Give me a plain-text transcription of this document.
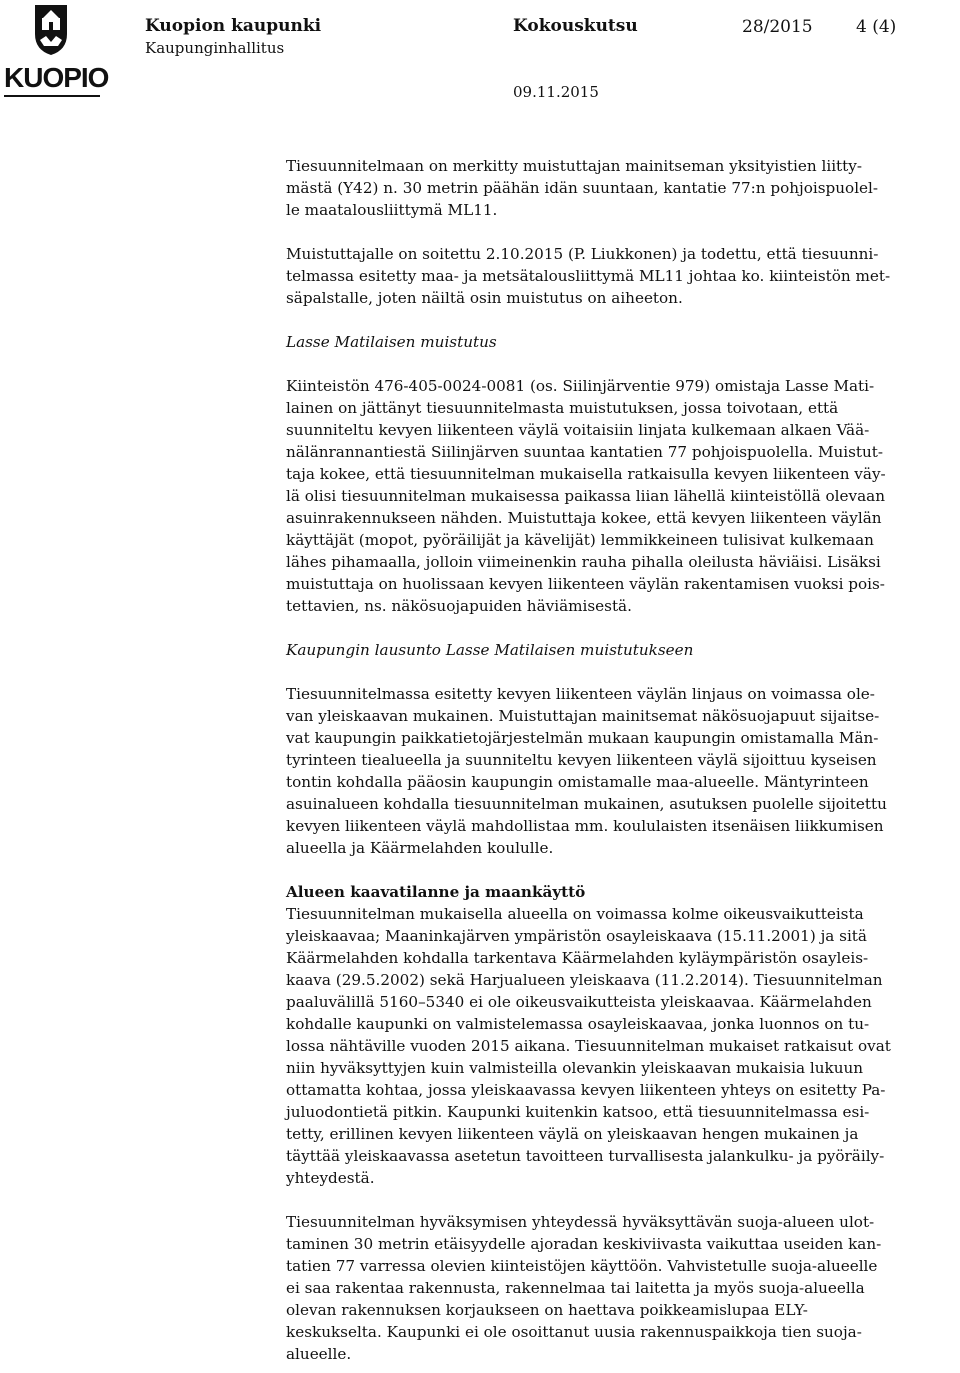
KUOPIO
Kuopion kaupunki
Kaupunginhallitus
Kokouskutsu	28/2015	4 (4)
09.11.2015

Tiesuunnitelmaan on merkitty muistuttajan mainitseman yksityistien liitty-
mästä (Y42) n. 30 metrin päähän idän suuntaan, kantatie 77:n pohjoispuolel-
le maatalousliittymä ML11.

Muistuttajalle on soitettu 2.10.2015 (P. Liukkonen) ja todettu, että tiesuunni-
telmassa esitetty maa- ja metsätalousliittymä ML11 johtaa ko. kiinteistön met-
säpalstalle, joten näiltä osin muistutus on aiheeton.

Lasse Matilaisen muistutus

Kiinteistön 476-405-0024-0081 (os. Siilinjärventie 979) omistaja Lasse Mati-
lainen on jättänyt tiesuunnitelmasta muistutuksen, jossa toivotaan, että
suunniteltu kevyen liikenteen väylä voitaisiin linjata kulkemaan alkaen Vää-
nälänrannantiestä Siilinjärven suuntaa kantatien 77 pohjoispuolella. Muistut-
taja kokee, että tiesuunnitelman mukaisella ratkaisulla kevyen liikenteen väy-
lä olisi tiesuunnitelman mukaisessa paikassa liian lähellä kiinteistöllä olevaan
asuinrakennukseen nähden. Muistuttaja kokee, että kevyen liikenteen väylän
käyttäjät (mopot, pyöräilijät ja kävelijät) lemmikkeineen tulisivat kulkemaan
lähes pihamaalla, jolloin viimeinenkin rauha pihalla oleilusta häviäisi. Lisäksi
muistuttaja on huolissaan kevyen liikenteen väylän rakentamisen vuoksi pois-
tettavien, ns. näkösuojapuiden häviämisestä.

Kaupungin lausunto Lasse Matilaisen muistutukseen

Tiesuunnitelmassa esitetty kevyen liikenteen väylän linjaus on voimassa ole-
van yleiskaavan mukainen. Muistuttajan mainitsemat näkösuojapuut sijaitse-
vat kaupungin paikkatietojärjestelmän mukaan kaupungin omistamalla Män-
tyrinteen tiealueella ja suunniteltu kevyen liikenteen väylä sijoittuu kyseisen
tontin kohdalla pääosin kaupungin omistamalle maa-alueelle. Mäntyrinteen
asuinalueen kohdalla tiesuunnitelman mukainen, asutuksen puolelle sijoitettu
kevyen liikenteen väylä mahdollistaa mm. koululaisten itsenäisen liikkumisen
alueella ja Käärmelahden koululle.

Alueen kaavatilanne ja maankäyttö

Tiesuunnitelman mukaisella alueella on voimassa kolme oikeusvaikutteista
yleiskaavaa; Maaninkajärven ympäristön osayleiskaava (15.11.2001) ja sitä
Käärmelahden kohdalla tarkentava Käärmelahden kyläympäristön osayleis-
kaava (29.5.2002) sekä Harjualueen yleiskaava (11.2.2014). Tiesuunnitelman
paaluvälillä 5160–5340 ei ole oikeusvaikutteista yleiskaavaa. Käärmelahden
kohdalle kaupunki on valmistelemassa osayleiskaavaa, jonka luonnos on tu-
lossa nähtäville vuoden 2015 aikana. Tiesuunnitelman mukaiset ratkaisut ovat
niin hyväksyttyjen kuin valmisteilla olevankin yleiskaavan mukaisia lukuun
ottamatta kohtaa, jossa yleiskaavassa kevyen liikenteen yhteys on esitetty Pa-
juluodontietä pitkin. Kaupunki kuitenkin katsoo, että tiesuunnitelmassa esi-
tetty, erillinen kevyen liikenteen väylä on yleiskaavan hengen mukainen ja
täyttää yleiskaavassa asetetun tavoitteen turvallisesta jalankulku- ja pyöräily-
yhteydestä.

Tiesuunnitelman hyväksymisen yhteydessä hyväksyttävän suoja-alueen ulot-
taminen 30 metrin etäisyydelle ajoradan keskiviivasta vaikuttaa useiden kan-
tatien 77 varressa olevien kiinteistöjen käyttöön. Vahvistetulle suoja-alueelle
ei saa rakentaa rakennusta, rakennelmaa tai laitetta ja myös suoja-alueella
olevan rakennuksen korjaukseen on haettava poikkeamislupaa ELY-
keskukselta. Kaupunki ei ole osoittanut uusia rakennuspaikkoja tien suoja-
alueelle.
